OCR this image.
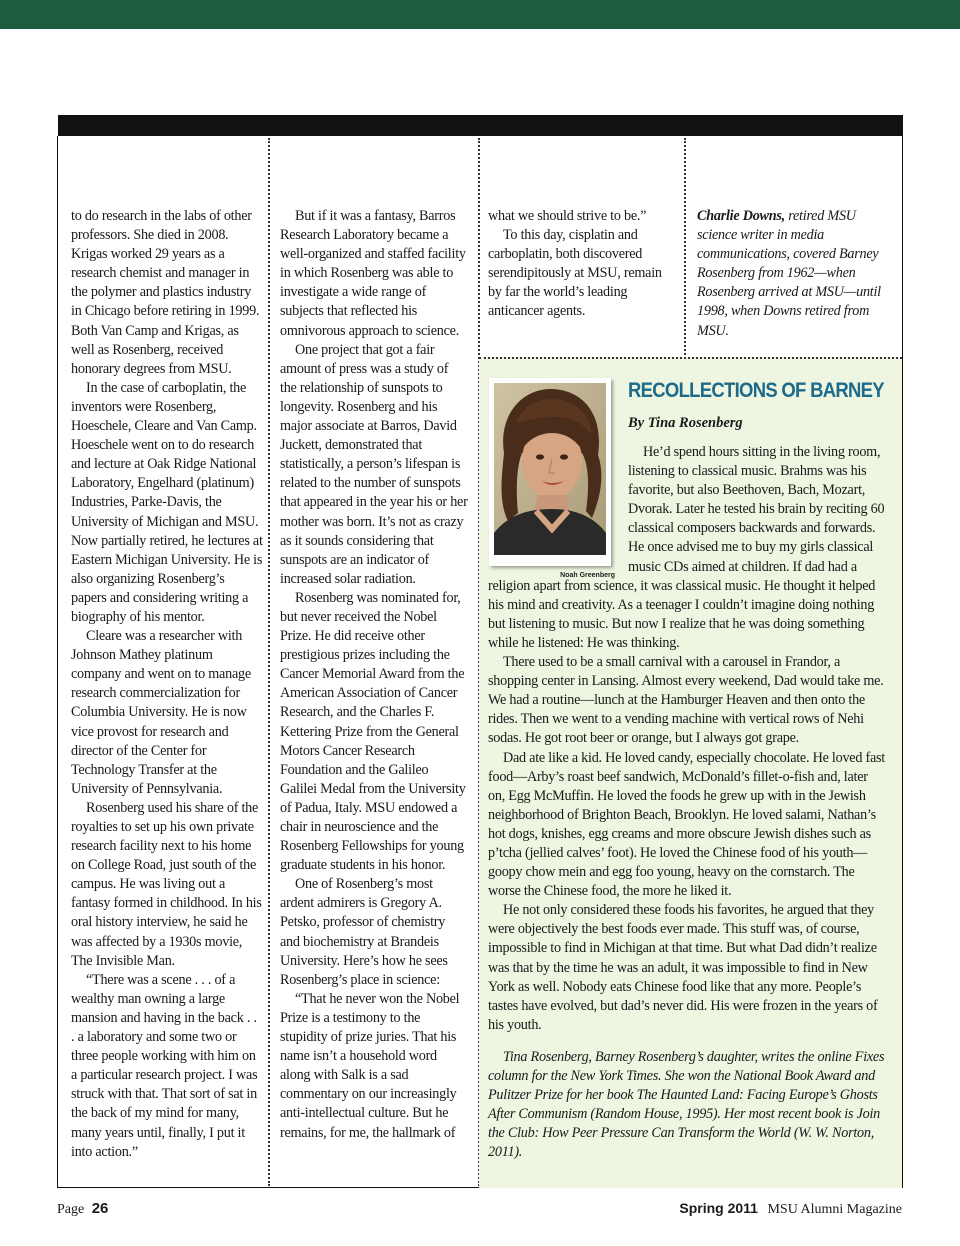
to do research in the labs of other professors. She died in 2008. Krigas worked 29 years as a research chemist and manager in the polymer and plastics industry in Chicago before retiring in 1999. Both Van Camp and Krigas, as well as Rosenberg, received honorary degrees from MSU.

In the case of carboplatin, the inventors were Rosenberg, Hoeschele, Cleare and Van Camp. Hoeschele went on to do research and lecture at Oak Ridge National Laboratory, Engelhard (platinum) Industries, Parke-Davis, the University of Michigan and MSU. Now partially retired, he lectures at Eastern Michigan University. He is also organizing Rosenberg’s papers and considering writing a biography of his mentor.

Cleare was a researcher with Johnson Mathey platinum company and went on to manage research commercialization for Columbia University. He is now vice provost for research and director of the Center for Technology Transfer at the University of Pennsylvania.

Rosenberg used his share of the royalties to set up his own private research facility next to his home on College Road, just south of the campus. He was living out a fantasy formed in childhood. In his oral history interview, he said he was affected by a 1930s movie, The Invisible Man.

“There was a scene . . . of a wealthy man owning a large mansion and having in the back . . . a laboratory and some two or three people working with him on a particular research project. I was struck with that. That sort of sat in the back of my mind for many, many years until, finally, I put it into action.”

But if it was a fantasy, Barros Research Laboratory became a well-organized and staffed facility in which Rosenberg was able to investigate a wide range of subjects that reflected his omnivorous approach to science.

One project that got a fair amount of press was a study of the relationship of sunspots to longevity. Rosenberg and his major associate at Barros, David Juckett, demonstrated that statistically, a person’s lifespan is related to the number of sunspots that appeared in the year his or her mother was born. It’s not as crazy as it sounds considering that sunspots are an indicator of increased solar radiation.

Rosenberg was nominated for, but never received the Nobel Prize. He did receive other prestigious prizes including the Cancer Memorial Award from the American Association of Cancer Research, and the Charles F. Kettering Prize from the General Motors Cancer Research Foundation and the Galileo Galilei Medal from the University of Padua, Italy. MSU endowed a chair in neuroscience and the Rosenberg Fellowships for young graduate students in his honor.

One of Rosenberg’s most ardent admirers is Gregory A. Petsko, professor of chemistry and biochemistry at Brandeis University. Here’s how he sees Rosenberg’s place in science:

“That he never won the Nobel Prize is a testimony to the stupidity of prize juries. That his name isn’t a household word along with Salk is a sad commentary on our increasingly anti-intellectual culture. But he remains, for me, the hallmark of

what we should strive to be.”

To this day, cisplatin and carboplatin, both discovered serendipitously at MSU, remain by far the world’s leading anticancer agents.

Charlie Downs, retired MSU science writer in media communications, covered Barney Rosenberg from 1962—when Rosenberg arrived at MSU—until 1998, when Downs retired from MSU.
Noah Greenberg
RECOLLECTIONS OF BARNEY
By Tina Rosenberg

He’d spend hours sitting in the living room, listening to classical music. Brahms was his favorite, but also Beethoven, Bach, Mozart, Dvorak. Later he tested his brain by reciting 60 classical composers backwards and forwards. He once advised me to buy my girls classical music CDs aimed at children. If dad had a religion apart from science, it was classical music. He thought it helped his mind and creativity. As a teenager I couldn’t imagine doing nothing but listening to music. But now I realize that he was doing something while he listened: He was thinking.

There used to be a small carnival with a carousel in Frandor, a shopping center in Lansing. Almost every weekend, Dad would take me. We had a routine—lunch at the Hamburger Heaven and then onto the rides. Then we went to a vending machine with vertical rows of Nehi sodas. He got root beer or orange, but I always got grape.

Dad ate like a kid. He loved candy, especially chocolate. He loved fast food—Arby’s roast beef sandwich, McDonald’s fillet-o-fish and, later on, Egg McMuffin. He loved the foods he grew up with in the Jewish neighborhood of Brighton Beach, Brooklyn. He loved salami, Nathan’s hot dogs, knishes, egg creams and more obscure Jewish dishes such as p’tcha (jellied calves’ foot). He loved the Chinese food of his youth—goopy chow mein and egg foo young, heavy on the cornstarch. The worse the Chinese food, the more he liked it.

He not only considered these foods his favorites, he argued that they were objectively the best foods ever made. This stuff was, of course, impossible to find in Michigan at that time. But what Dad didn’t realize was that by the time he was an adult, it was impossible to find in New York as well. Nobody eats Chinese food like that any more. People’s tastes have evolved, but dad’s never did. His were frozen in the years of his youth.

Tina Rosenberg, Barney Rosenberg’s daughter, writes the online Fixes column for the New York Times. She won the National Book Award and Pulitzer Prize for her book The Haunted Land: Facing Europe’s Ghosts After Communism (Random House, 1995). Her most recent book is Join the Club: How Peer Pressure Can Transform the World (W. W. Norton, 2011).

Page 26	Spring 2011 MSU Alumni Magazine
